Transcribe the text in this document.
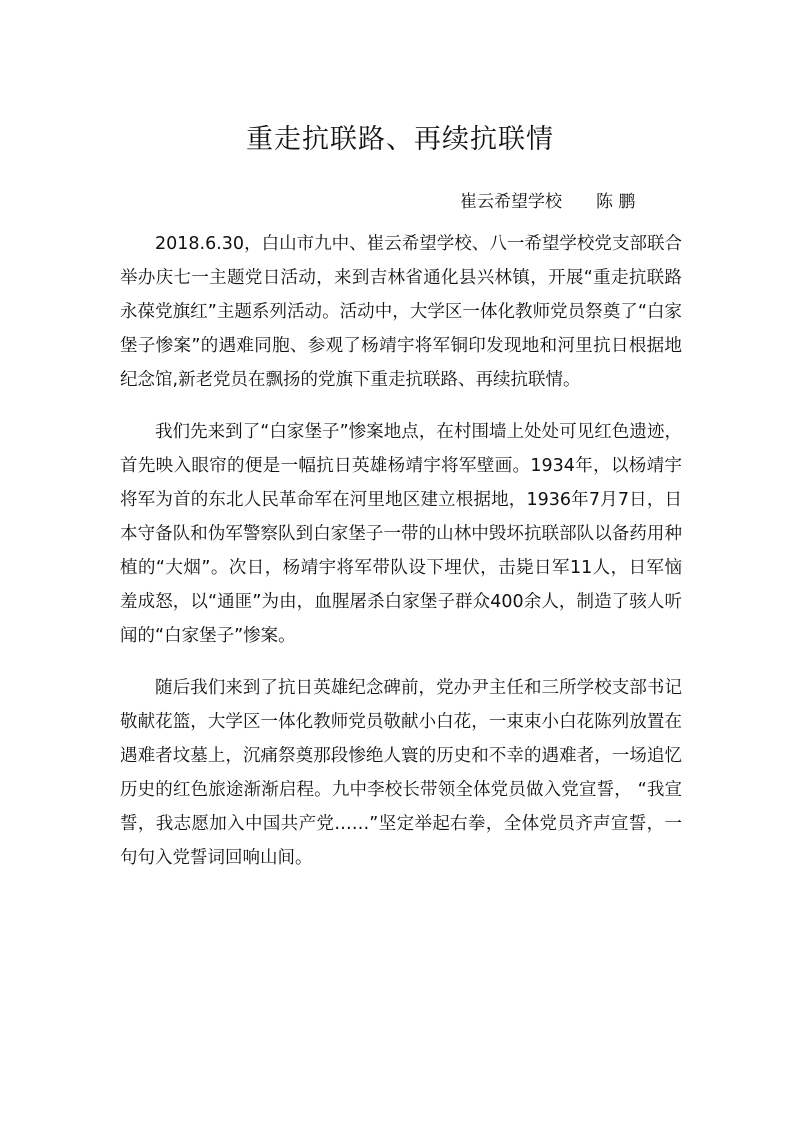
重走抗联路、再续抗联情
崔云希望学校 陈 鹏

2018.6.30，白山市九中、崔云希望学校、八一希望学校党支部联合举办庆七一主题党日活动，来到吉林省通化县兴林镇，开展“重走抗联路 永葆党旗红”主题系列活动。活动中，大学区一体化教师党员祭奠了“白家堡子惨案”的遇难同胞、参观了杨靖宇将军铜印发现地和河里抗日根据地纪念馆,新老党员在飘扬的党旗下重走抗联路、再续抗联情。

我们先来到了“白家堡子”惨案地点，在村围墙上处处可见红色遗迹，首先映入眼帘的便是一幅抗日英雄杨靖宇将军壁画。1934年，以杨靖宇将军为首的东北人民革命军在河里地区建立根据地，1936年7月7日，日本守备队和伪军警察队到白家堡子一带的山林中毁坏抗联部队以备药用种植的“大烟”。次日，杨靖宇将军带队设下埋伏，击毙日军11人，日军恼羞成怒，以“通匪”为由，血腥屠杀白家堡子群众400余人，制造了骇人听闻的“白家堡子”惨案。

随后我们来到了抗日英雄纪念碑前，党办尹主任和三所学校支部书记敬献花篮，大学区一体化教师党员敬献小白花，一束束小白花陈列放置在遇难者坟墓上，沉痛祭奠那段惨绝人寰的历史和不幸的遇难者，一场追忆历史的红色旅途渐渐启程。九中李校长带领全体党员做入党宣誓， “我宣誓，我志愿加入中国共产党……”坚定举起右拳，全体党员齐声宣誓，一句句入党誓词回响山间。
